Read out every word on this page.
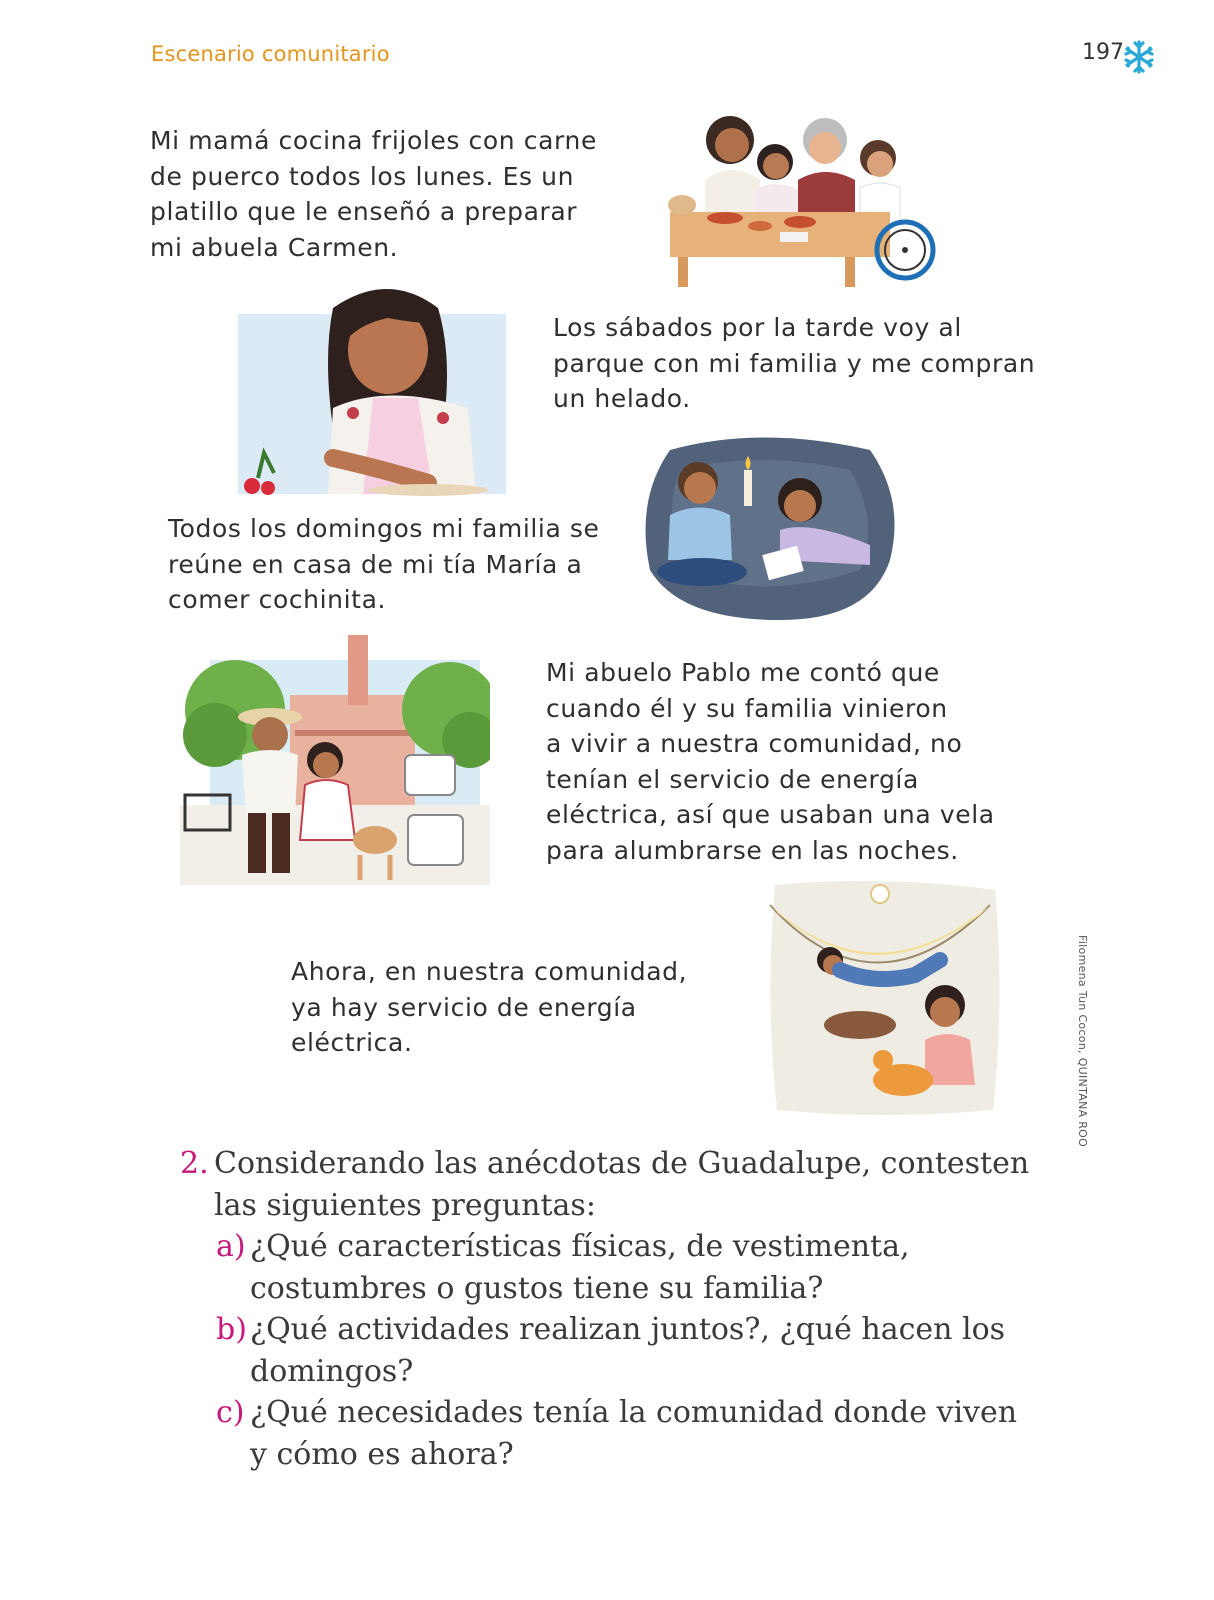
Escenario comunitario	197
Mi mamá cocina frijoles con carne
de puerco todos los lunes. Es un
platillo que le enseñó a preparar
mi abuela Carmen.
Los sábados por la tarde voy al
parque con mi familia y me compran
un helado.
Todos los domingos mi familia se
reúne en casa de mi tía María a
comer cochinita.
Mi abuelo Pablo me contó que
cuando él y su familia vinieron
a vivir a nuestra comunidad, no
tenían el servicio de energía
eléctrica, así que usaban una vela
para alumbrarse en las noches.
Ahora, en nuestra comunidad,
ya hay servicio de energía
eléctrica.	Filomena Tun Cocon, QUINTANA ROO
2. Considerando las anécdotas de Guadalupe, contesten
las siguientes preguntas:
a) ¿Qué características físicas, de vestimenta,
costumbres o gustos tiene su familia?
b) ¿Qué actividades realizan juntos?, ¿qué hacen los
domingos?
c) ¿Qué necesidades tenía la comunidad donde viven
y cómo es ahora?
